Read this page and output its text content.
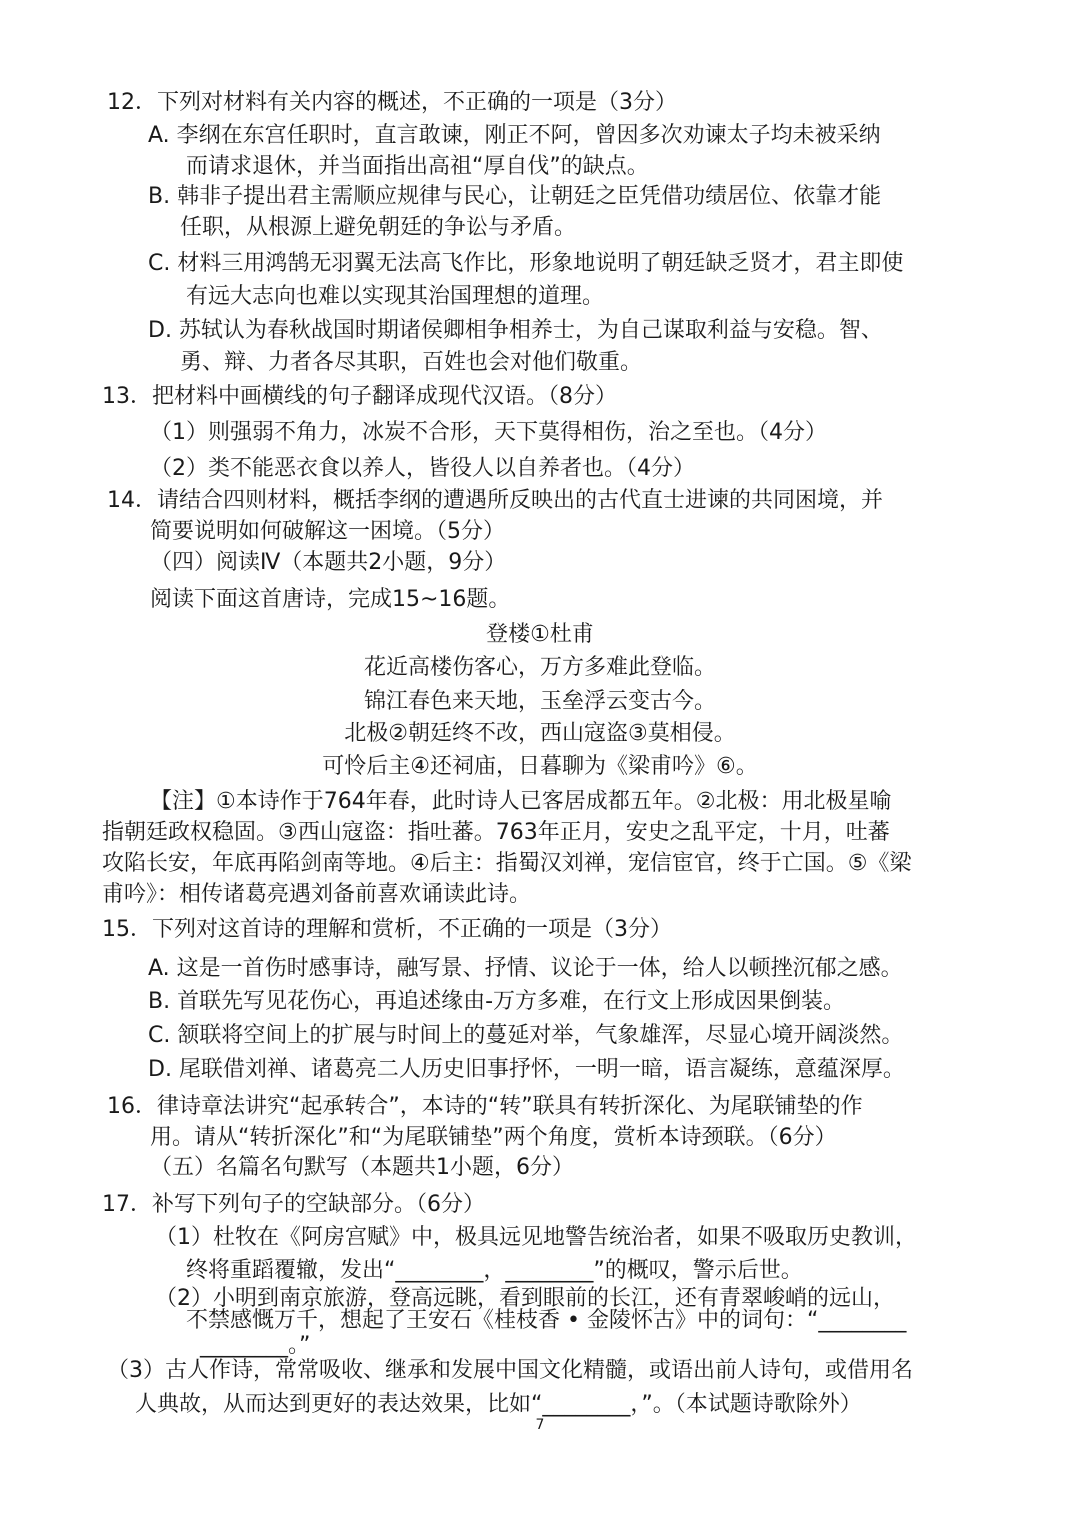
12．下列对材料有关内容的概述，不正确的一项是（3分）
A. 李纲在东宫任职时，直言敢谏，刚正不阿，曾因多次劝谏太子均未被采纳
而请求退休，并当面指出高祖“厚自伐”的缺点。
B. 韩非子提出君主需顺应规律与民心，让朝廷之臣凭借功绩居位、依靠才能
任职，从根源上避免朝廷的争讼与矛盾。
C. 材料三用鸿鹄无羽翼无法高飞作比，形象地说明了朝廷缺乏贤才，君主即使
有远大志向也难以实现其治国理想的道理。
D. 苏轼认为春秋战国时期诸侯卿相争相养士，为自己谋取利益与安稳。智、
勇、辩、力者各尽其职，百姓也会对他们敬重。
13．把材料中画横线的句子翻译成现代汉语。（8分）
（1）则强弱不角力，冰炭不合形，天下莫得相伤，治之至也。（4分）
（2）类不能恶衣食以养人，皆役人以自养者也。（4分）
14．请结合四则材料，概括李纲的遭遇所反映出的古代直士进谏的共同困境，并
简要说明如何破解这一困境。（5分）
（四）阅读Ⅳ（本题共2小题，9分）
阅读下面这首唐诗，完成15~16题。
登楼①杜甫
花近高楼伤客心，万方多难此登临。
锦江春色来天地，玉垒浮云变古今。
北极②朝廷终不改，西山寇盗③莫相侵。
可怜后主④还祠庙，日暮聊为《梁甫吟》⑥。
【注】①本诗作于764年春，此时诗人已客居成都五年。②北极：用北极星喻
指朝廷政权稳固。③西山寇盗：指吐蕃。763年正月，安史之乱平定，十月，吐蕃
攻陷长安，年底再陷剑南等地。④后主：指蜀汉刘禅，宠信宦官，终于亡国。⑤《梁
甫吟》：相传诸葛亮遇刘备前喜欢诵读此诗。
15．下列对这首诗的理解和赏析，不正确的一项是（3分）
A. 这是一首伤时感事诗，融写景、抒情、议论于一体，给人以顿挫沉郁之感。
B. 首联先写见花伤心，再追述缘由-万方多难，在行文上形成因果倒装。
C. 颔联将空间上的扩展与时间上的蔓延对举，气象雄浑，尽显心境开阔淡然。
D. 尾联借刘禅、诸葛亮二人历史旧事抒怀，一明一暗，语言凝练，意蕴深厚。
16．律诗章法讲究“起承转合”，本诗的“转”联具有转折深化、为尾联铺垫的作
用。请从“转折深化”和“为尾联铺垫”两个角度，赏析本诗颈联。（6分）
（五）名篇名句默写（本题共1小题，6分）
17．补写下列句子的空缺部分。（6分）
（1）杜牧在《阿房宫赋》中，极具远见地警告统治者，如果不吸取历史教训，
终将重蹈覆辙，发出“________，________”的概叹，警示后世。
（2）小明到南京旅游，登高远眺，看到眼前的长江，还有青翠峻峭的远山，
不禁感慨万千，想起了王安石《桂枝香 • 金陵怀古》中的词句：“________
________。”
（3）古人作诗，常常吸收、继承和发展中国文化精髓，或语出前人诗句，或借用名
人典故，从而达到更好的表达效果，比如“________，”。（本试题诗歌除外）
7
